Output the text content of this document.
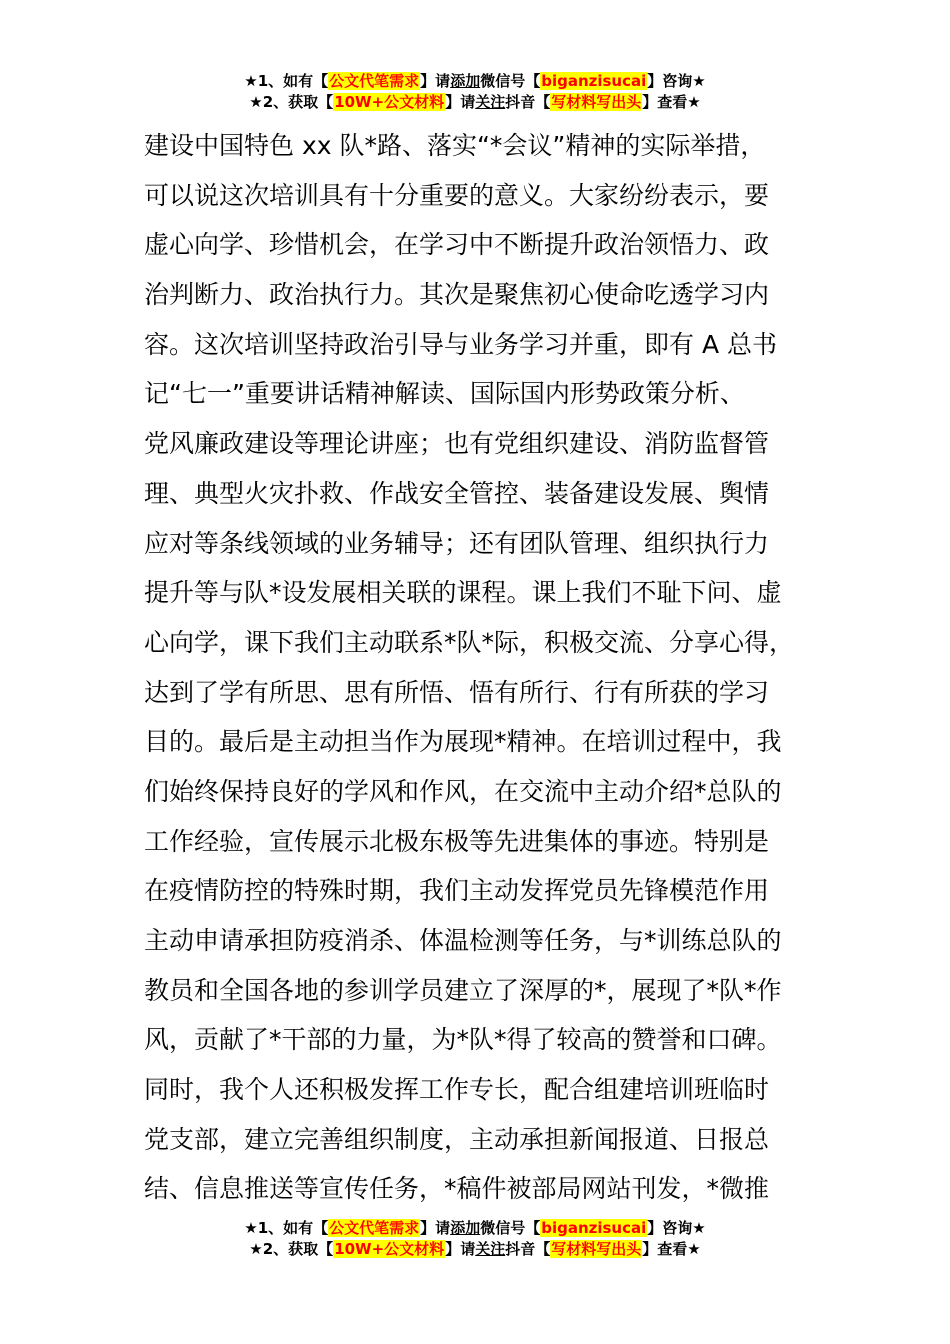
★1、如有【公文代笔需求】请添加微信号【biganzisucai】咨询★
★2、获取【10W+公文材料】请关注抖音【写材料写出头】查看★
建设中国特色 xx 队*路、落实“*会议”精神的实际举措，
可以说这次培训具有十分重要的意义。大家纷纷表示，要
虚心向学、珍惜机会，在学习中不断提升政治领悟力、政
治判断力、政治执行力。其次是聚焦初心使命吃透学习内
容。这次培训坚持政治引导与业务学习并重，即有 A 总书
记“七一”重要讲话精神解读、国际国内形势政策分析、
党风廉政建设等理论讲座；也有党组织建设、消防监督管
理、典型火灾扑救、作战安全管控、装备建设发展、舆情
应对等条线领域的业务辅导；还有团队管理、组织执行力
提升等与队*设发展相关联的课程。课上我们不耻下问、虚
心向学，课下我们主动联系*队*际，积极交流、分享心得，
达到了学有所思、思有所悟、悟有所行、行有所获的学习
目的。最后是主动担当作为展现*精神。在培训过程中，我
们始终保持良好的学风和作风，在交流中主动介绍*总队的
工作经验，宣传展示北极东极等先进集体的事迹。特别是
在疫情防控的特殊时期，我们主动发挥党员先锋模范作用
主动申请承担防疫消杀、体温检测等任务，与*训练总队的
教员和全国各地的参训学员建立了深厚的*，展现了*队*作
风，贡献了*干部的力量，为*队*得了较高的赞誉和口碑。
同时，我个人还积极发挥工作专长，配合组建培训班临时
党支部，建立完善组织制度，主动承担新闻报道、日报总
结、信息推送等宣传任务，*稿件被部局网站刊发，*微推
★1、如有【公文代笔需求】请添加微信号【biganzisucai】咨询★
★2、获取【10W+公文材料】请关注抖音【写材料写出头】查看★
